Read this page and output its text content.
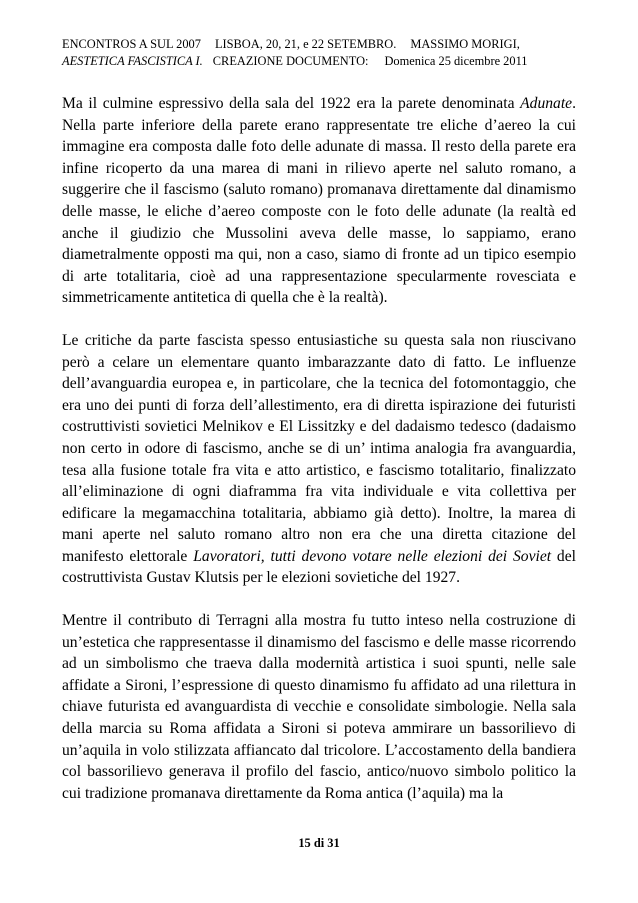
ENCONTROS A SUL 2007 LISBOA, 20, 21, e 22 SETEMBRO. MASSIMO MORIGI,
AESTETICA FASCISTICA I. CREAZIONE DOCUMENTO: Domenica 25 dicembre 2011

Ma il culmine espressivo della sala del 1922 era la parete denominata Adunate. Nella parte inferiore della parete erano rappresentate tre eliche d’aereo la cui immagine era composta dalle foto delle adunate di massa. Il resto della parete era infine ricoperto da una marea di mani in rilievo aperte nel saluto romano, a suggerire che il fascismo (saluto romano) promanava direttamente dal dinamismo delle masse, le eliche d’aereo composte con le foto delle adunate (la realtà ed anche il giudizio che Mussolini aveva delle masse, lo sappiamo, erano diametralmente opposti ma qui, non a caso, siamo di fronte ad un tipico esempio di arte totalitaria, cioè ad una rappresentazione specularmente rovesciata e simmetricamente antitetica di quella che è la realtà).

Le critiche da parte fascista spesso entusiastiche su questa sala non riuscivano però a celare un elementare quanto imbarazzante dato di fatto. Le influenze dell’avanguardia europea e, in particolare, che la tecnica del fotomontaggio, che era uno dei punti di forza dell’allestimento, era di diretta ispirazione dei futuristi costruttivisti sovietici Melnikov e El Lissitzky e del dadaismo tedesco (dadaismo non certo in odore di fascismo, anche se di un’ intima analogia fra avanguardia, tesa alla fusione totale fra vita e atto artistico, e fascismo totalitario, finalizzato all’eliminazione di ogni diaframma fra vita individuale e vita collettiva per edificare la megamacchina totalitaria, abbiamo già detto). Inoltre, la marea di mani aperte nel saluto romano altro non era che una diretta citazione del manifesto elettorale Lavoratori, tutti devono votare nelle elezioni dei Soviet del costruttivista Gustav Klutsis per le elezioni sovietiche del 1927.

Mentre il contributo di Terragni alla mostra fu tutto inteso nella costruzione di un’estetica che rappresentasse il dinamismo del fascismo e delle masse ricorrendo ad un simbolismo che traeva dalla modernità artistica i suoi spunti, nelle sale affidate a Sironi, l’espressione di questo dinamismo fu affidato ad una rilettura in chiave futurista ed avanguardista di vecchie e consolidate simbologie. Nella sala della marcia su Roma affidata a Sironi si poteva ammirare un bassorilievo di un’aquila in volo stilizzata affiancato dal tricolore. L’accostamento della bandiera col bassorilievo generava il profilo del fascio, antico/nuovo simbolo politico la cui tradizione promanava direttamente da Roma antica (l’aquila) ma la

15 di 31
